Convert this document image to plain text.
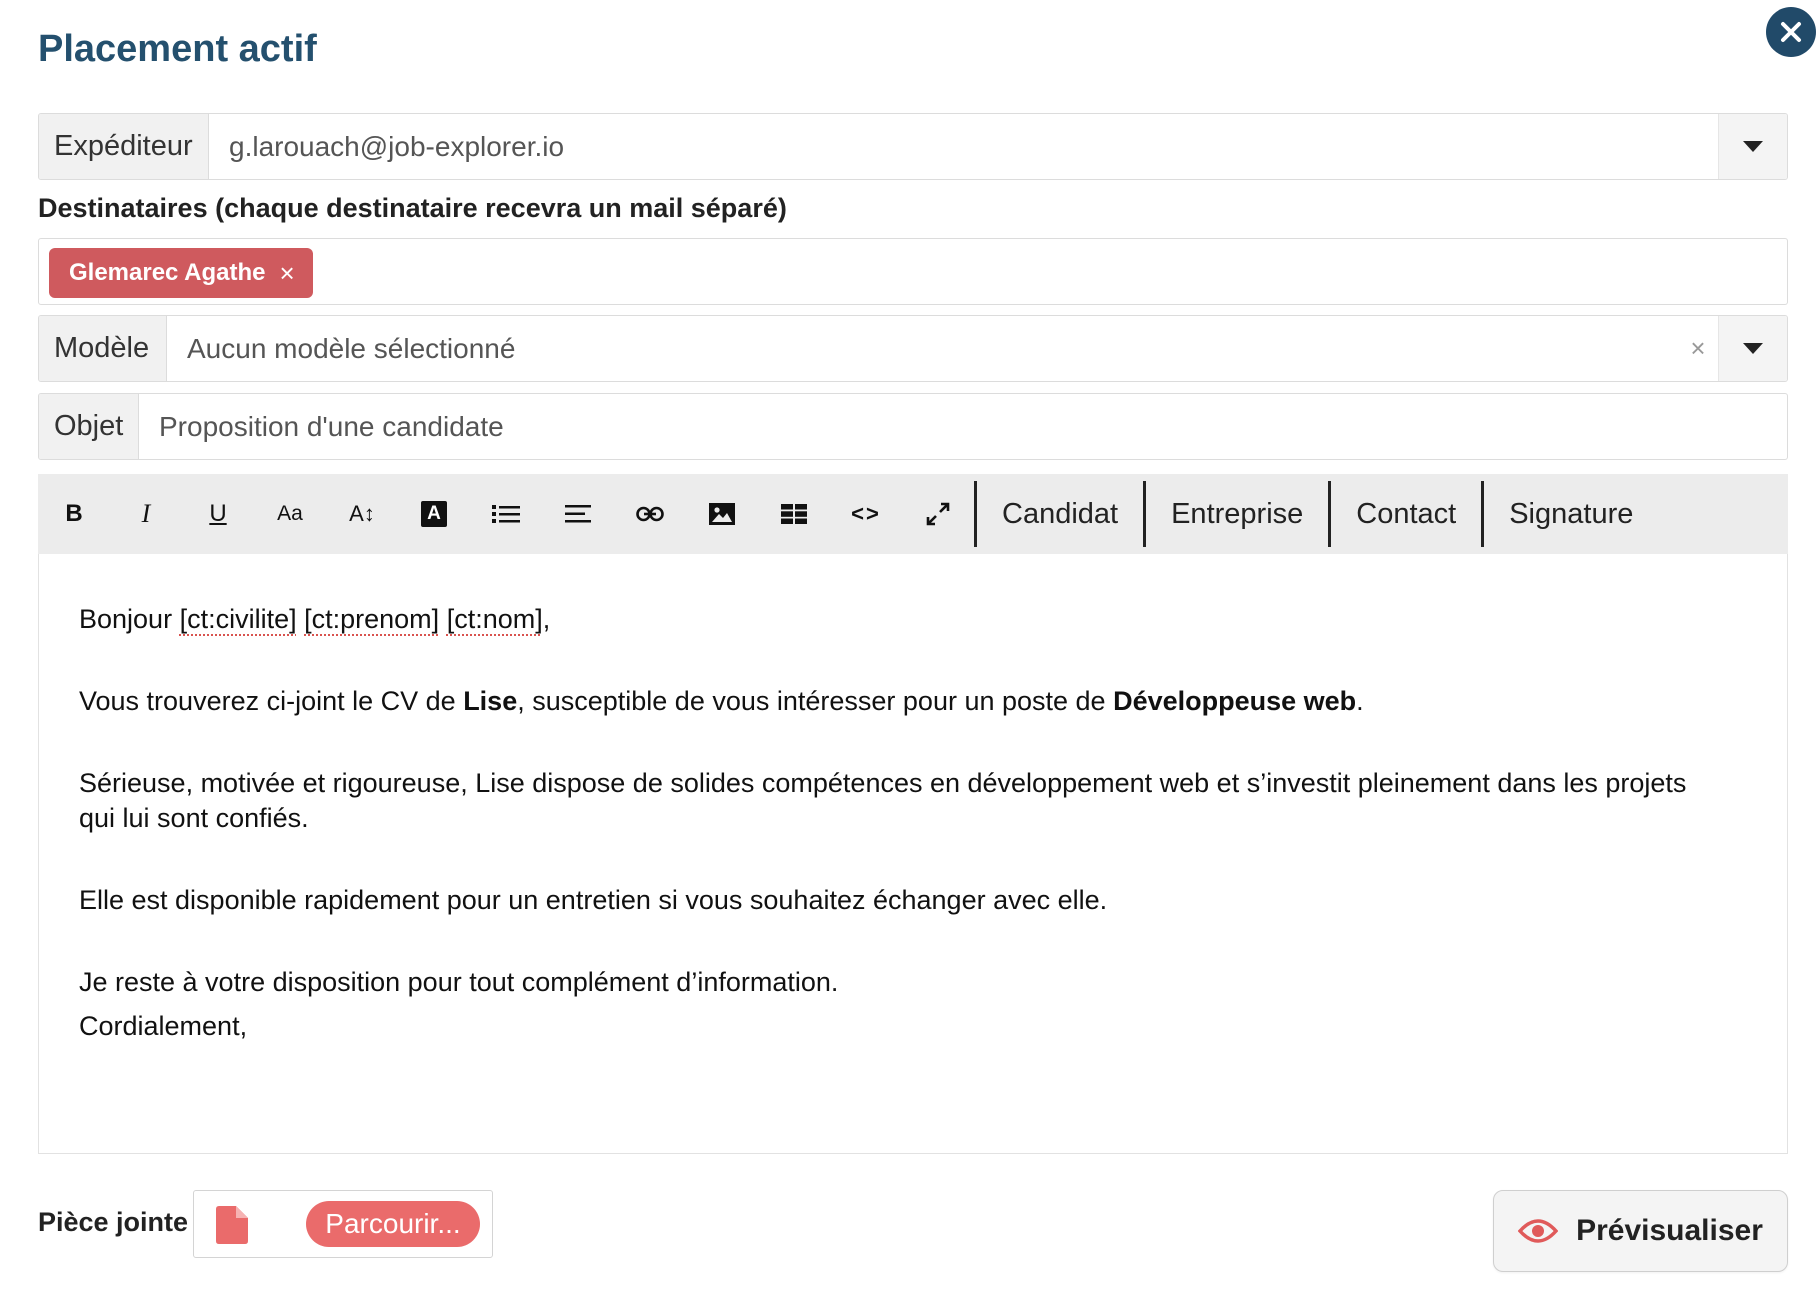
Placement actif
Expéditeur	g.larouach@job-explorer.io
Destinataires (chaque destinataire recevra un mail séparé)
Glemarec Agathe ×
Modèle	Aucun modèle sélectionné	×
Objet	Proposition d'une candidate
B I U Aa A↕	A	<>	Candidat	Entreprise	Contact	Signature
Bonjour [ct:civilite] [ct:prenom] [ct:nom],
Vous trouverez ci-joint le CV de Lise, susceptible de vous intéresser pour un poste de Développeuse web.
Sérieuse, motivée et rigoureuse, Lise dispose de solides compétences en développement web et s’investit pleinement dans les projets
qui lui sont confiés.
Elle est disponible rapidement pour un entretien si vous souhaitez échanger avec elle.
Je reste à votre disposition pour tout complément d’information.
Cordialement,
Pièce jointe	Parcourir...	Prévisualiser
